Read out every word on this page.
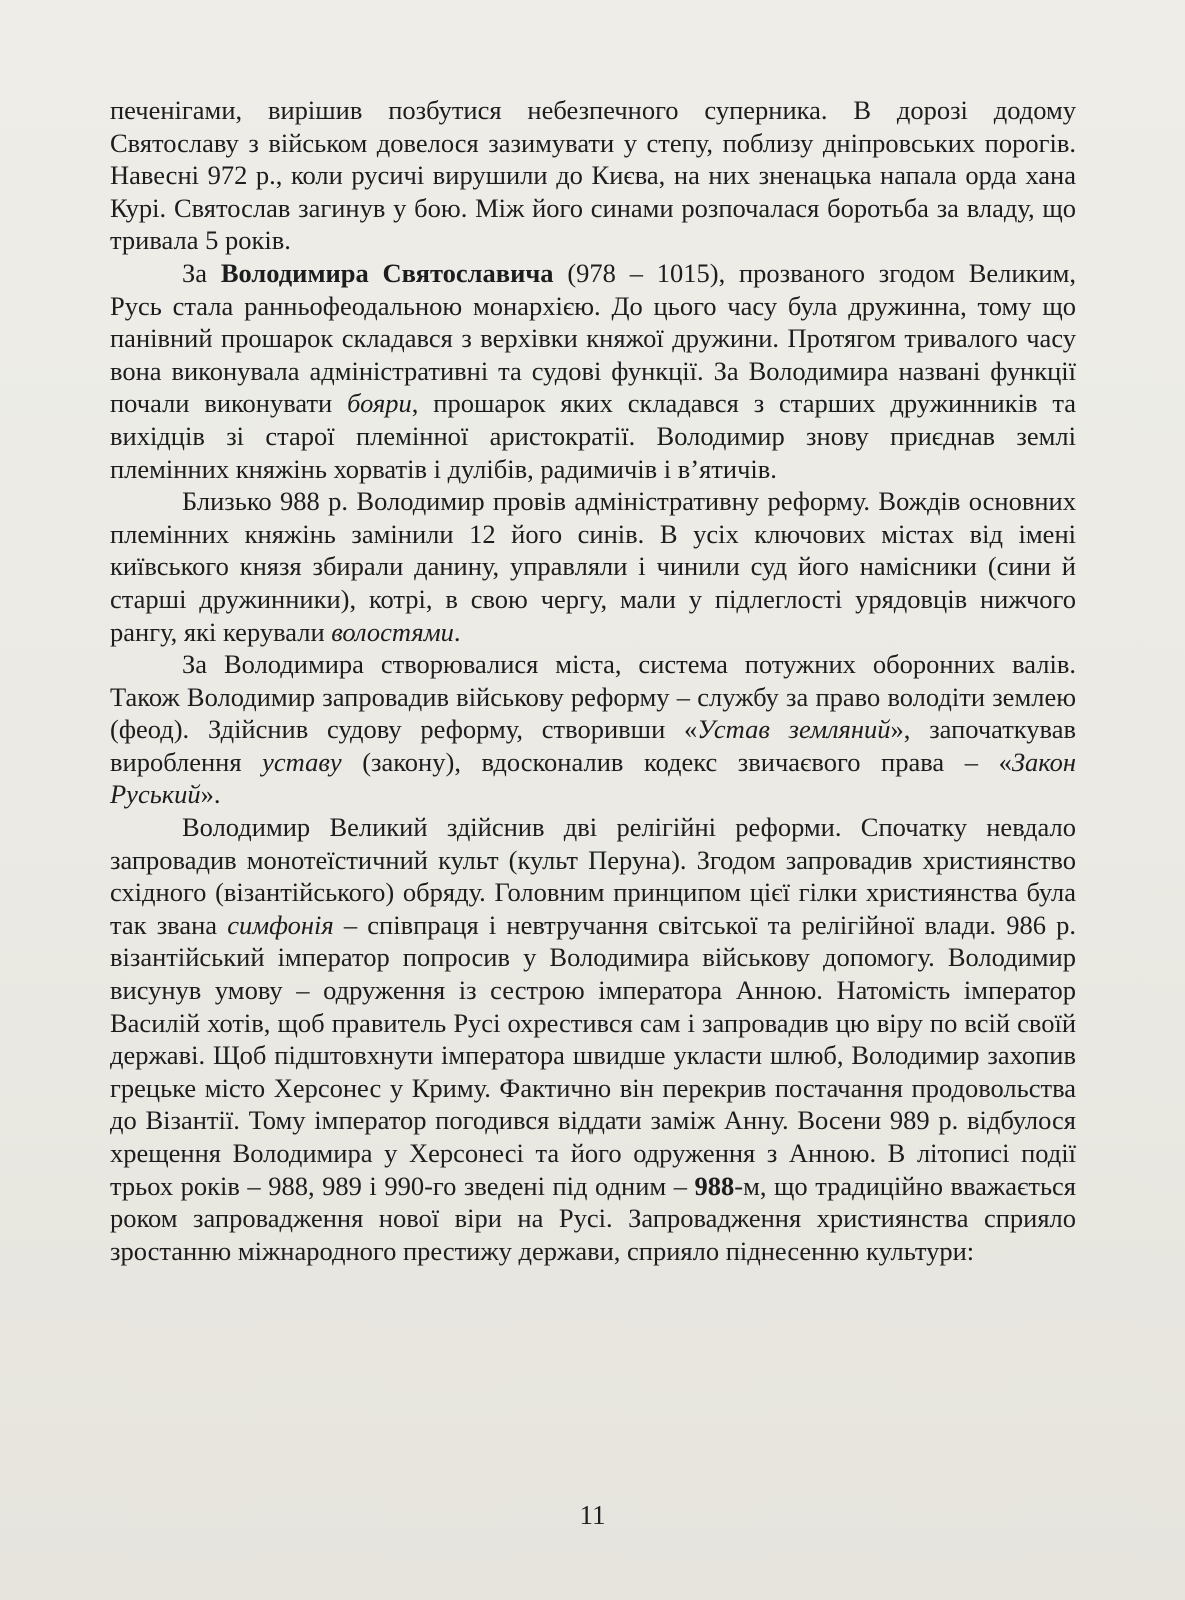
печенігами, вирішив позбутися небезпечного суперника. В дорозі додому Святославу з військом довелося зазимувати у степу, поблизу дніпровських порогів. Навесні 972 р., коли русичі вирушили до Києва, на них зненацька напала орда хана Курі. Святослав загинув у бою. Між його синами розпочалася боротьба за владу, що тривала 5 років.

За Володимира Святославича (978 – 1015), прозваного згодом Великим, Русь стала ранньофеодальною монархією. До цього часу була дружинна, тому що панівний прошарок складався з верхівки княжої дружини. Протягом тривалого часу вона виконувала адміністративні та судові функції. За Володимира названі функції почали виконувати бояри, прошарок яких складався з старших дружинників та вихідців зі старої племінної аристократії. Володимир знову приєднав землі племінних княжінь хорватів і дулібів, радимичів і в’ятичів.

Близько 988 р. Володимир провів адміністративну реформу. Вождів основних племінних княжінь замінили 12 його синів. В усіх ключових містах від імені київського князя збирали данину, управляли і чинили суд його намісники (сини й старші дружинники), котрі, в свою чергу, мали у підлеглості урядовців нижчого рангу, які керували волостями.

За Володимира створювалися міста, система потужних оборонних валів. Також Володимир запровадив військову реформу – службу за право володіти землею (феод). Здійснив судову реформу, створивши «Устав земляний», започаткував вироблення уставу (закону), вдосконалив кодекс звичаєвого права – «Закон Руський».

Володимир Великий здійснив дві релігійні реформи. Спочатку невдало запровадив монотеїстичний культ (культ Перуна). Згодом запровадив християнство східного (візантійського) обряду. Головним принципом цієї гілки християнства була так звана симфонія – співпраця і невтручання світської та релігійної влади. 986 р. візантійський імператор попросив у Володимира військову допомогу. Володимир висунув умову – одруження із сестрою імператора Анною. Натомість імператор Василій хотів, щоб правитель Русі охрестився сам і запровадив цю віру по всій своїй державі. Щоб підштовхнути імператора швидше укласти шлюб, Володимир захопив грецьке місто Херсонес у Криму. Фактично він перекрив постачання продовольства до Візантії. Тому імператор погодився віддати заміж Анну. Восени 989 р. відбулося хрещення Володимира у Херсонесі та його одруження з Анною. В літописі події трьох років – 988, 989 і 990-го зведені під одним – 988-м, що традиційно вважається роком запровадження нової віри на Русі. Запровадження християнства сприяло зростанню міжнародного престижу держави, сприяло піднесенню культури:

11
